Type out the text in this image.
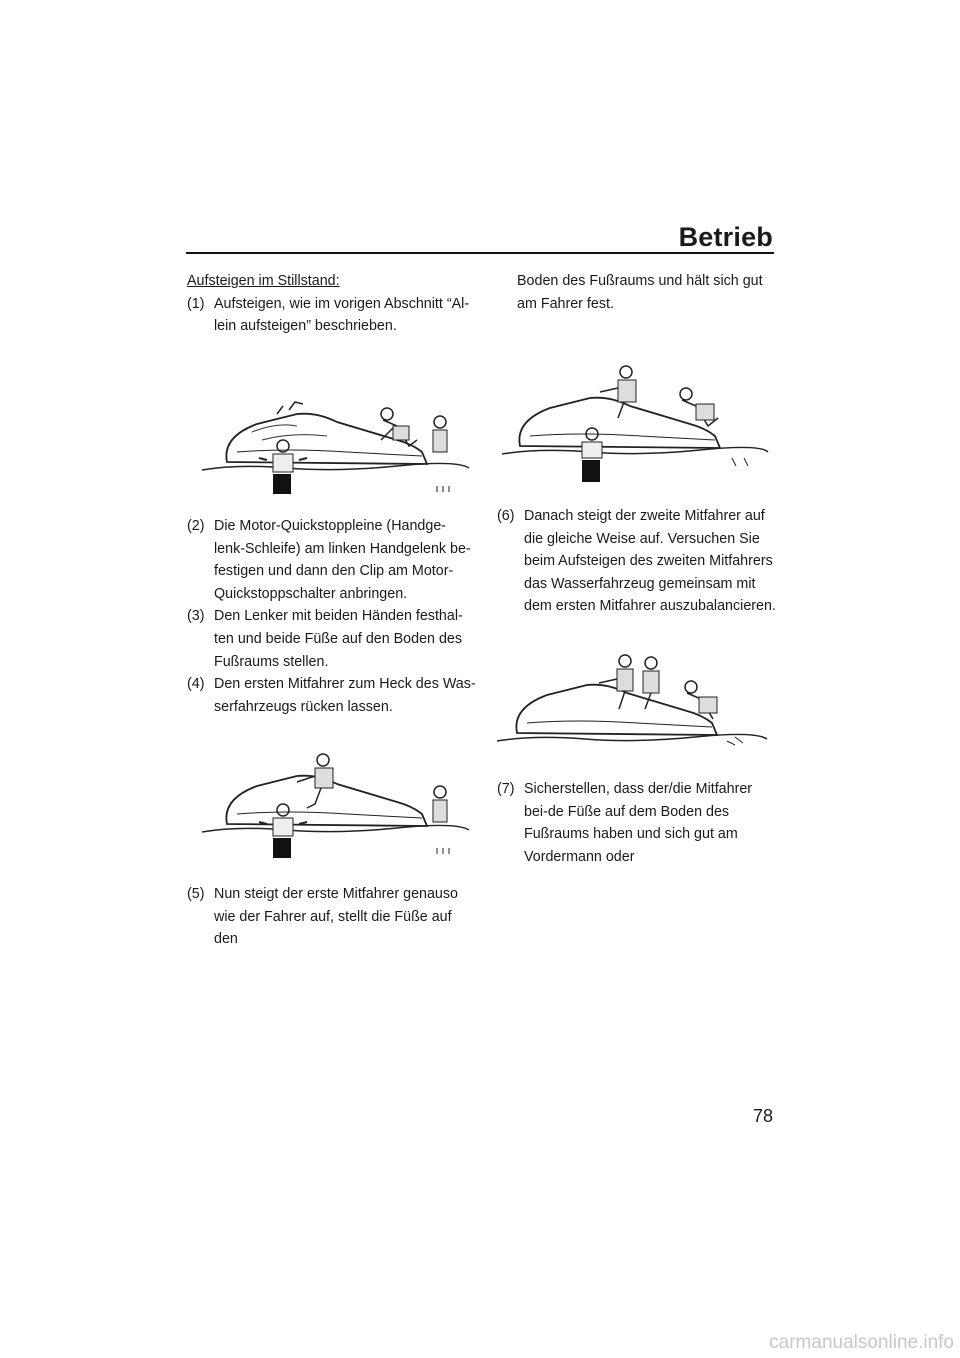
Betrieb
Aufsteigen im Stillstand:
(1) Aufsteigen, wie im vorigen Abschnitt “Al-lein aufsteigen” beschrieben.
(2) Die Motor-Quickstoppleine (Handge-lenk-Schleife) am linken Handgelenk be-festigen und dann den Clip am Motor-Quickstoppschalter anbringen.
(3) Den Lenker mit beiden Händen festhal-ten und beide Füße auf den Boden des Fußraums stellen.
(4) Den ersten Mitfahrer zum Heck des Was-serfahrzeugs rücken lassen.
(5) Nun steigt der erste Mitfahrer genauso wie der Fahrer auf, stellt die Füße auf den
Boden des Fußraums und hält sich gut am Fahrer fest.
(6) Danach steigt der zweite Mitfahrer auf die gleiche Weise auf. Versuchen Sie beim Aufsteigen des zweiten Mitfahrers das Wasserfahrzeug gemeinsam mit dem ersten Mitfahrer auszubalancieren.
(7) Sicherstellen, dass der/die Mitfahrer bei-de Füße auf dem Boden des Fußraums haben und sich gut am Vordermann oder
78
carmanualsonline.info
